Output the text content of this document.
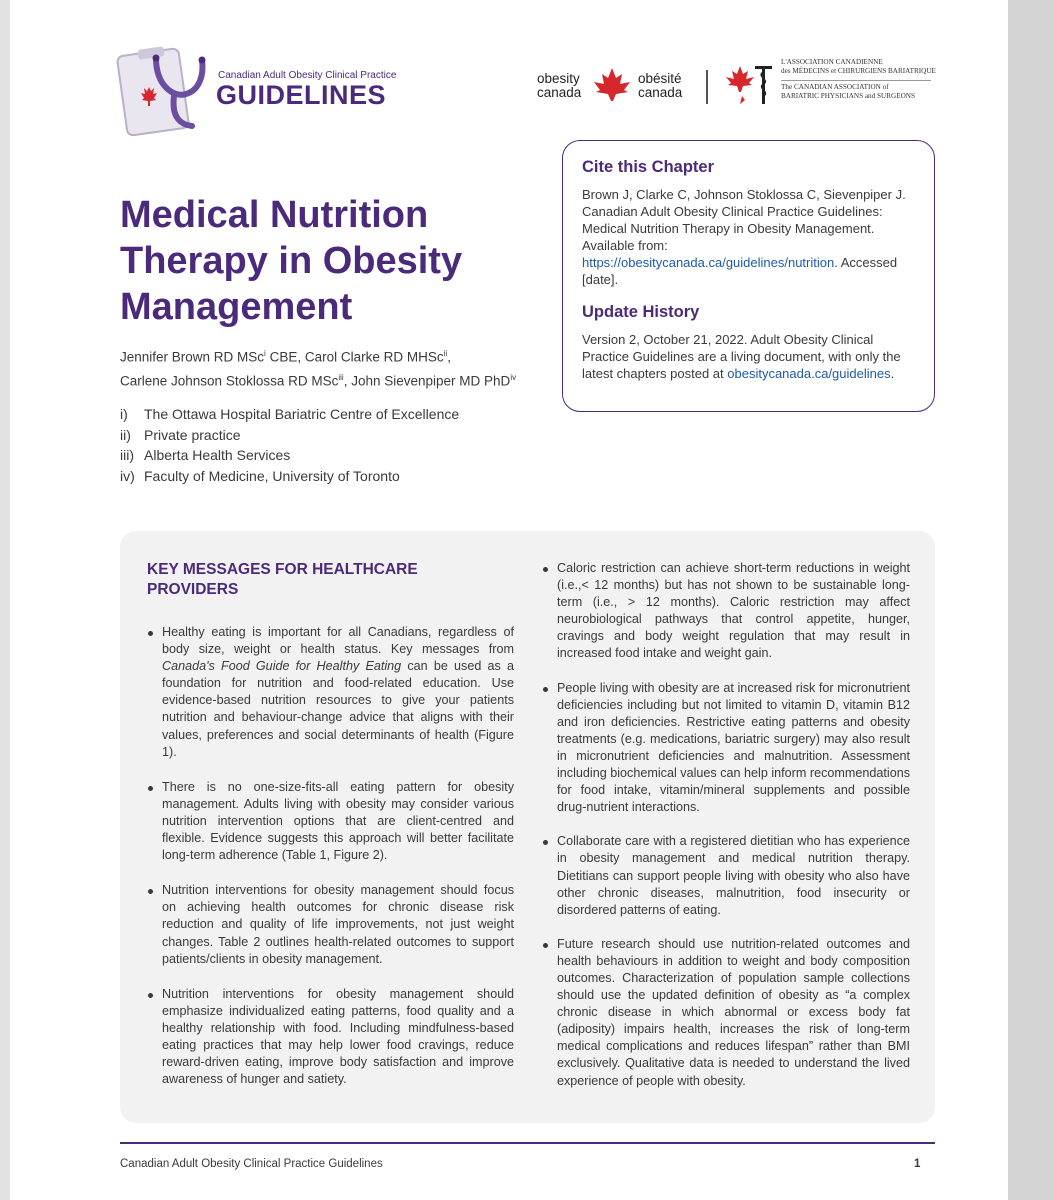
Canadian Adult Obesity Clinical Practice
GUIDELINES
obesity canada
obésité canada
L'ASSOCIATION CANADIENNE
des MÉDECINS et CHIRURGIENS BARIATRIQUE
The CANADIAN ASSOCIATION of
BARIATRIC PHYSICIANS and SURGEONS
Medical Nutrition Therapy in Obesity Management
Jennifer Brown RD MSc$^i$ CBE, Carol Clarke RD MHSc$^{ii}$,
Carlene Johnson Stoklossa RD MSc$^{iii}$, John Sievenpiper MD PhD$^{iv}$
i) The Ottawa Hospital Bariatric Centre of Excellence
ii) Private practice
iii) Alberta Health Services
iv) Faculty of Medicine, University of Toronto
Cite this Chapter

Brown J, Clarke C, Johnson Stoklossa C, Sievenpiper J. Canadian Adult Obesity Clinical Practice Guidelines: Medical Nutrition Therapy in Obesity Management. Available from: https://obesitycanada.ca/guidelines/nutrition. Accessed [date].

Update History

Version 2, October 21, 2022. Adult Obesity Clinical Practice Guidelines are a living document, with only the latest chapters posted at obesitycanada.ca/guidelines.

KEY MESSAGES FOR HEALTHCARE PROVIDERS
Healthy eating is important for all Canadians, regardless of body size, weight or health status. Key messages from Canada's Food Guide for Healthy Eating can be used as a foundation for nutrition and food-related education. Use evidence-based nutrition resources to give your patients nutrition and behaviour-change advice that aligns with their values, preferences and social determinants of health (Figure 1).
There is no one-size-fits-all eating pattern for obesity management. Adults living with obesity may consider various nutrition intervention options that are client-centred and flexible. Evidence suggests this approach will better facilitate long-term adherence (Table 1, Figure 2).
Nutrition interventions for obesity management should focus on achieving health outcomes for chronic disease risk reduction and quality of life improvements, not just weight changes. Table 2 outlines health-related outcomes to support patients/clients in obesity management.
Nutrition interventions for obesity management should emphasize individualized eating patterns, food quality and a healthy relationship with food. Including mindfulness-based eating practices that may help lower food cravings, reduce reward-driven eating, improve body satisfaction and improve awareness of hunger and satiety.
Caloric restriction can achieve short-term reductions in weight (i.e.,< 12 months) but has not shown to be sustainable long-term (i.e., > 12 months). Caloric restriction may affect neurobiological pathways that control appetite, hunger, cravings and body weight regulation that may result in increased food intake and weight gain.
People living with obesity are at increased risk for micronutrient deficiencies including but not limited to vitamin D, vitamin B12 and iron deficiencies. Restrictive eating patterns and obesity treatments (e.g. medications, bariatric surgery) may also result in micronutrient deficiencies and malnutrition. Assessment including biochemical values can help inform recommendations for food intake, vitamin/mineral supplements and possible drug-nutrient interactions.
Collaborate care with a registered dietitian who has experience in obesity management and medical nutrition therapy. Dietitians can support people living with obesity who also have other chronic diseases, malnutrition, food insecurity or disordered patterns of eating.
Future research should use nutrition-related outcomes and health behaviours in addition to weight and body composition outcomes. Characterization of population sample collections should use the updated definition of obesity as “a complex chronic disease in which abnormal or excess body fat (adiposity) impairs health, increases the risk of long-term medical complications and reduces lifespan” rather than BMI exclusively. Qualitative data is needed to understand the lived experience of people with obesity.
Canadian Adult Obesity Clinical Practice Guidelines	1
